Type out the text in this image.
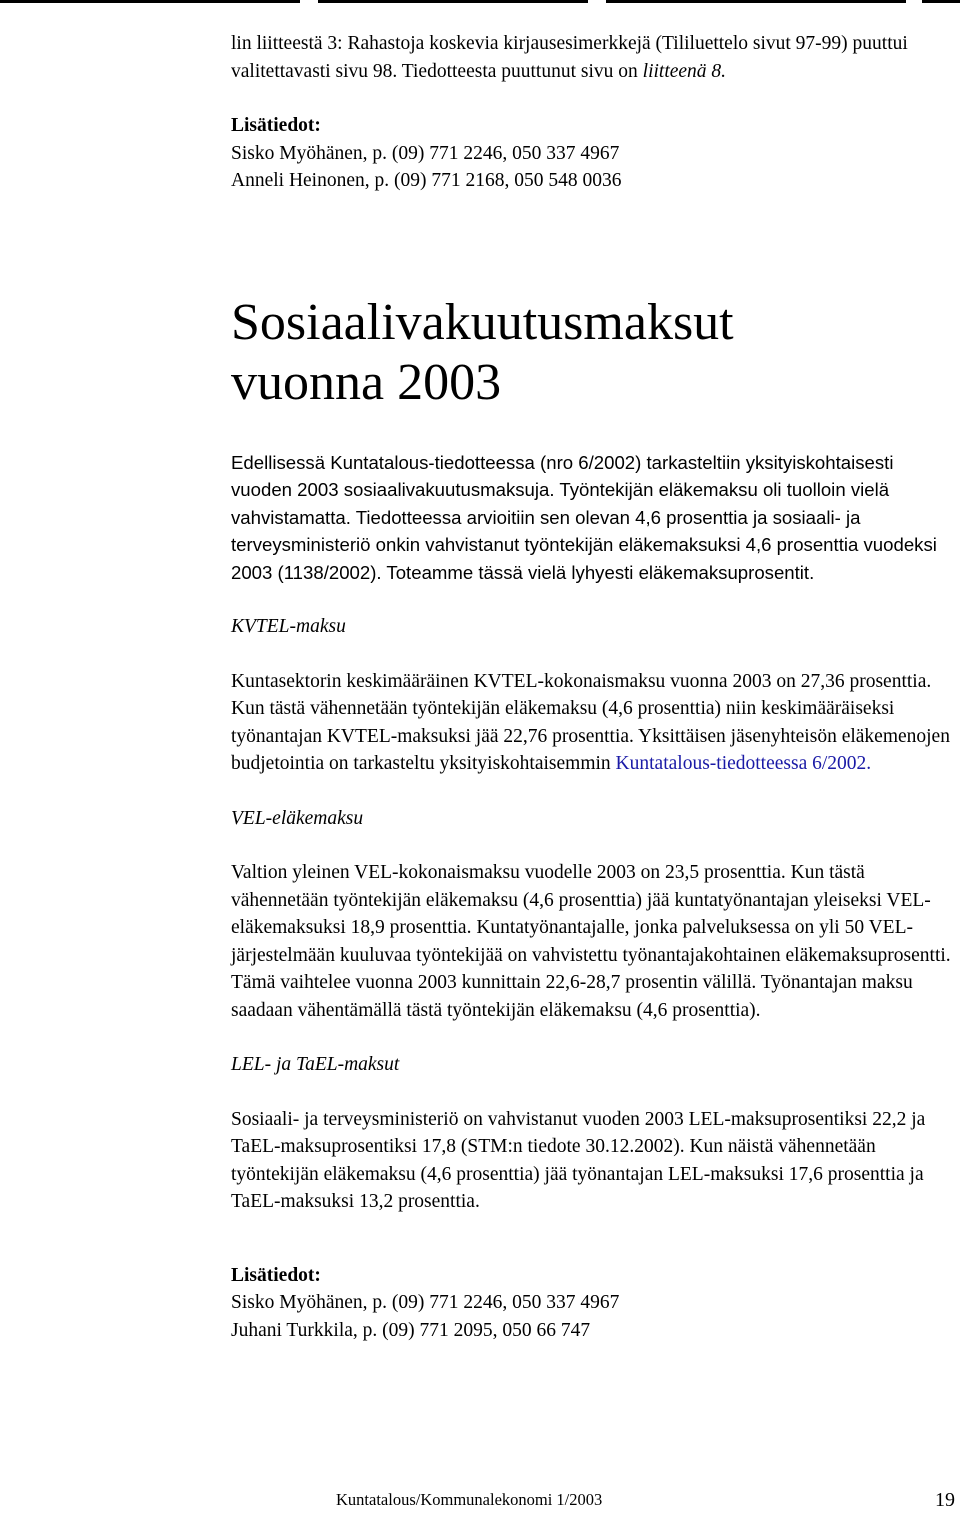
lin liitteestä 3: Rahastoja koskevia kirjausesimerkkejä (Tililuettelo sivut 97-99) puuttui valitettavasti sivu 98. Tiedotteesta puuttunut sivu on liitteenä 8.

Lisätiedot:

Sisko Myöhänen, p. (09) 771 2246, 050 337 4967

Anneli Heinonen, p. (09) 771 2168, 050 548 0036

Sosiaalivakuutusmaksut
vuonna 2003

Edellisessä Kuntatalous-tiedotteessa (nro 6/2002) tarkasteltiin yksityiskohtaisesti vuoden 2003 sosiaalivakuutusmaksuja. Työntekijän eläkemaksu oli tuolloin vielä vahvistamatta. Tiedotteessa arvioitiin sen olevan 4,6 prosenttia ja sosiaali- ja terveysministeriö onkin vahvistanut työntekijän eläkemaksuksi 4,6 prosenttia vuodeksi 2003 (1138/2002). Toteamme tässä vielä lyhyesti eläkemaksuprosentit.

KVTEL-maksu

Kuntasektorin keskimääräinen KVTEL-kokonaismaksu vuonna 2003 on 27,36 prosenttia. Kun tästä vähennetään työntekijän eläkemaksu (4,6 prosenttia) niin keskimääräiseksi työnantajan KVTEL-maksuksi jää 22,76 prosenttia. Yksittäisen jäsenyhteisön eläkemenojen budjetointia on tarkasteltu yksityiskohtaisemmin Kuntatalous-tiedotteessa 6/2002.

VEL-eläkemaksu

Valtion yleinen VEL-kokonaismaksu vuodelle 2003 on 23,5 prosenttia. Kun tästä vähennetään työntekijän eläkemaksu (4,6 prosenttia) jää kuntatyönantajan yleiseksi VEL-eläkemaksuksi 18,9 prosenttia. Kuntatyönantajalle, jonka palveluksessa on yli 50 VEL-järjestelmään kuuluvaa työntekijää on vahvistettu työnantajakohtainen eläkemaksuprosentti. Tämä vaihtelee vuonna 2003 kunnittain 22,6-28,7 prosentin välillä. Työnantajan maksu saadaan vähentämällä tästä työntekijän eläkemaksu (4,6 prosenttia).

LEL- ja TaEL-maksut

Sosiaali- ja terveysministeriö on vahvistanut vuoden 2003 LEL-maksuprosentiksi 22,2 ja TaEL-maksuprosentiksi 17,8 (STM:n tiedote 30.12.2002). Kun näistä vähennetään työntekijän eläkemaksu (4,6 prosenttia) jää työnantajan LEL-maksuksi 17,6 prosenttia ja TaEL-maksuksi 13,2 prosenttia.

Lisätiedot:

Sisko Myöhänen, p. (09) 771 2246, 050 337 4967

Juhani Turkkila, p. (09) 771 2095, 050 66 747

Kuntatalous/Kommunalekonomi 1/2003	19
